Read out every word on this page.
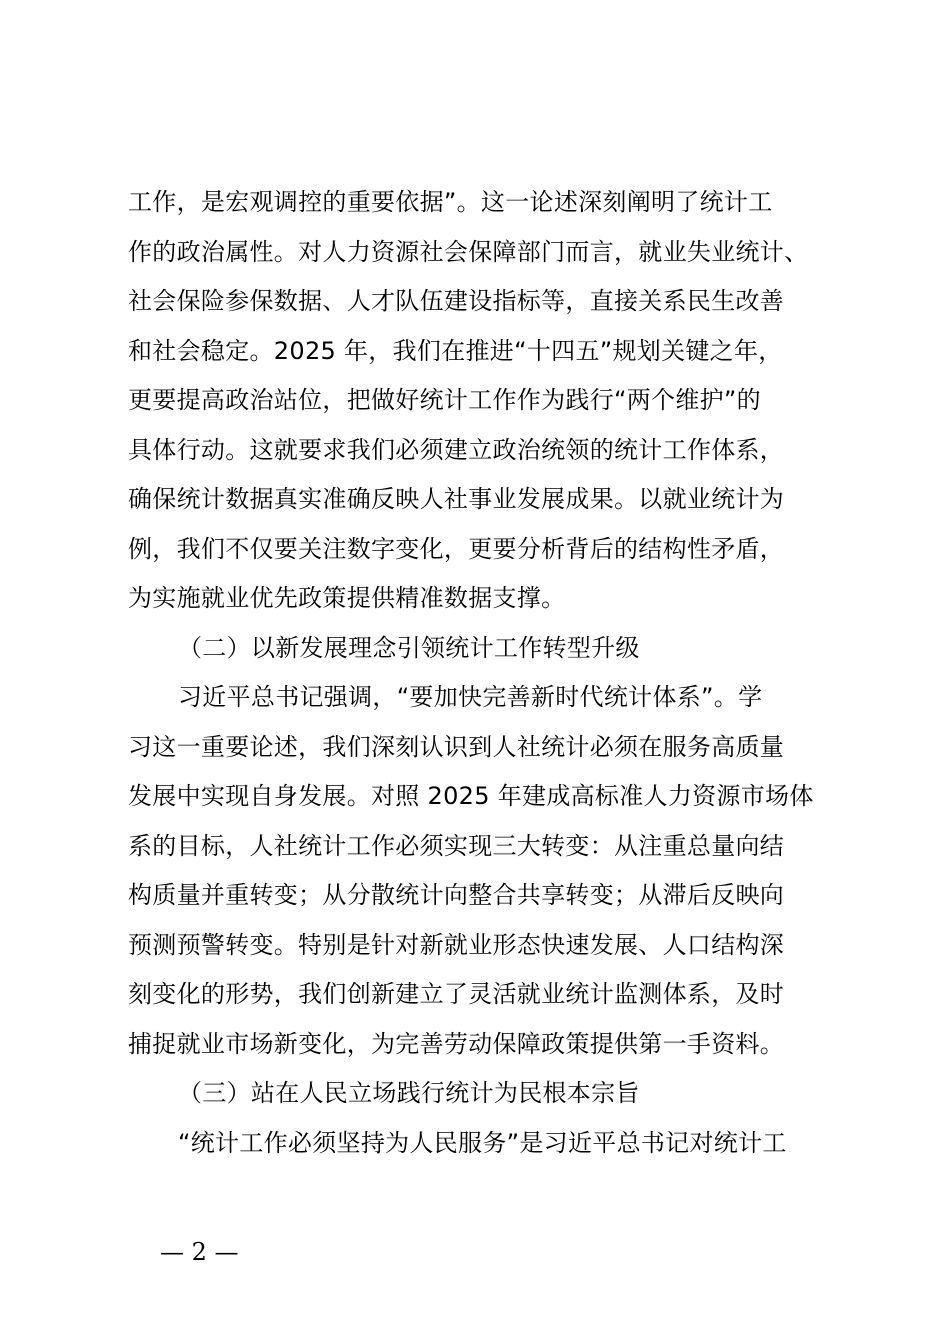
工作，是宏观调控的重要依据”。这一论述深刻阐明了统计工
作的政治属性。对人力资源社会保障部门而言，就业失业统计、
社会保险参保数据、人才队伍建设指标等，直接关系民生改善
和社会稳定。2025 年，我们在推进“十四五”规划关键之年，
更要提高政治站位，把做好统计工作作为践行“两个维护”的
具体行动。这就要求我们必须建立政治统领的统计工作体系，
确保统计数据真实准确反映人社事业发展成果。以就业统计为
例，我们不仅要关注数字变化，更要分析背后的结构性矛盾，
为实施就业优先政策提供精准数据支撑。
（二）以新发展理念引领统计工作转型升级
习近平总书记强调，“要加快完善新时代统计体系”。学
习这一重要论述，我们深刻认识到人社统计必须在服务高质量
发展中实现自身发展。对照 2025 年建成高标准人力资源市场体
系的目标，人社统计工作必须实现三大转变：从注重总量向结
构质量并重转变；从分散统计向整合共享转变；从滞后反映向
预测预警转变。特别是针对新就业形态快速发展、人口结构深
刻变化的形势，我们创新建立了灵活就业统计监测体系，及时
捕捉就业市场新变化，为完善劳动保障政策提供第一手资料。
（三）站在人民立场践行统计为民根本宗旨
“统计工作必须坚持为人民服务”是习近平总书记对统计工
— 2 —
